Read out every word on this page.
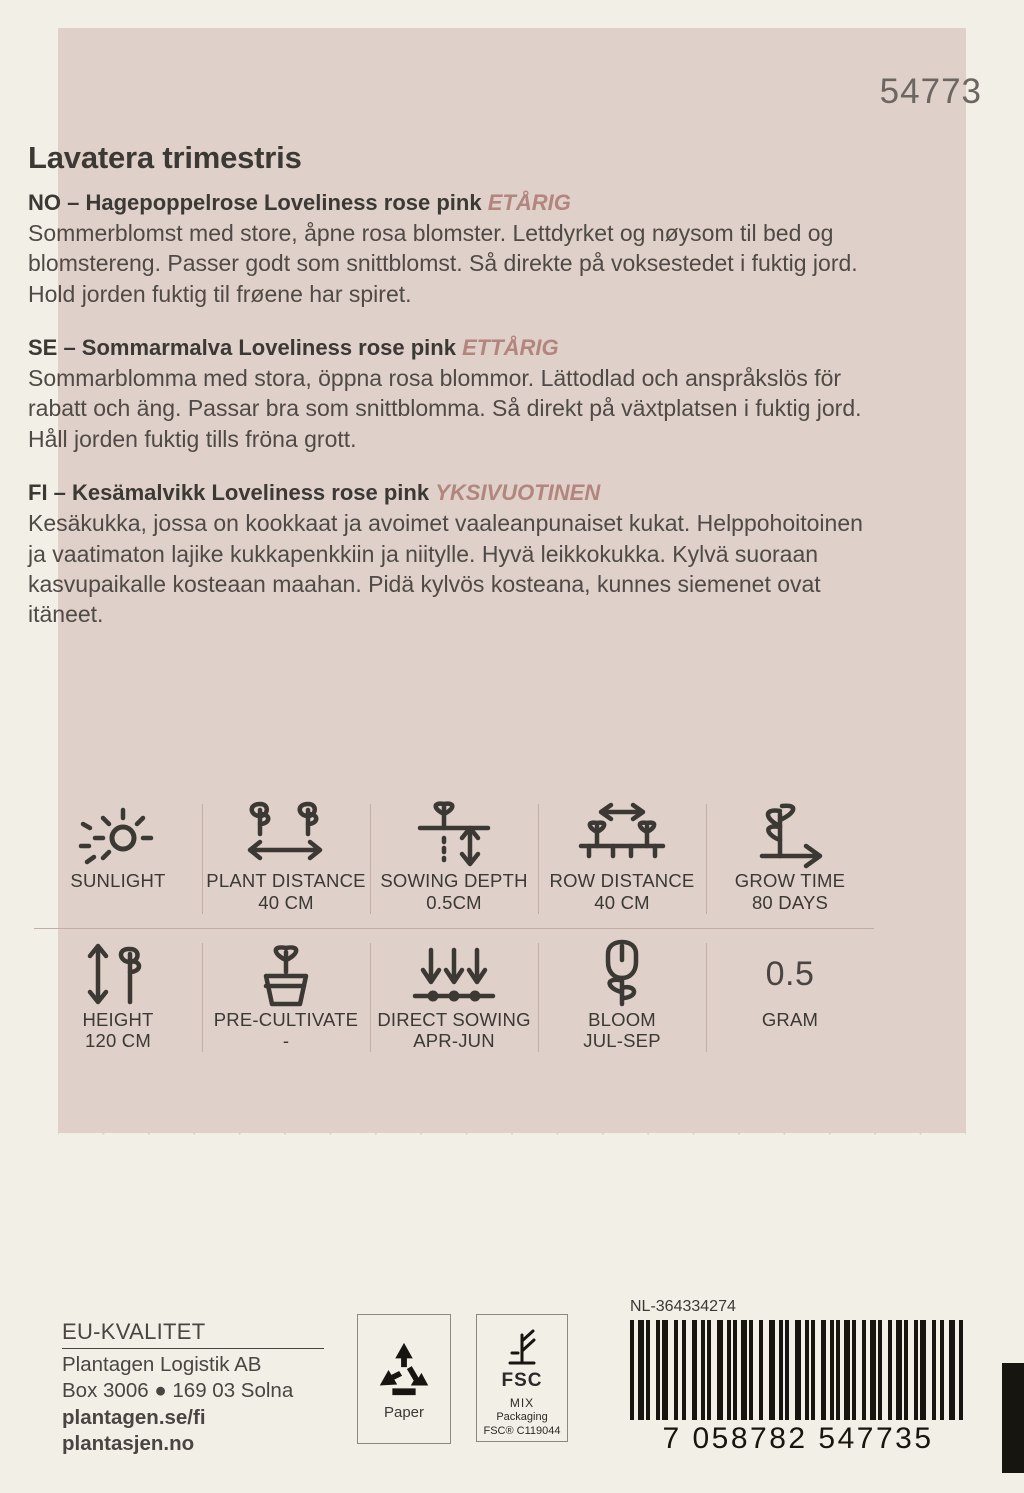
54773
Lavatera trimestris

NO – Hagepoppelrose Loveliness rose pink ETÅRIG

Sommerblomst med store, åpne rosa blomster. Lettdyrket og nøysom til bed og blomstereng. Passer godt som snittblomst. Så direkte på voksestedet i fuktig jord. Hold jorden fuktig til frøene har spiret.

SE – Sommarmalva Loveliness rose pink ETTÅRIG

Sommarblomma med stora, öppna rosa blommor. Lättodlad och anspråkslös för rabatt och äng. Passar bra som snittblomma. Så direkt på växtplatsen i fuktig jord. Håll jorden fuktig tills fröna grott.

FI – Kesämalvikk Loveliness rose pink YKSIVUOTINEN

Kesäkukka, jossa on kookkaat ja avoimet vaaleanpunaiset kukat. Helppohoitoinen ja vaatimaton lajike kukkapenkkiin ja niitylle. Hyvä leikkokukka. Kylvä suoraan kasvupaikalle kosteaan maahan. Pidä kylvös kosteana, kunnes siemenet ovat itäneet.

SUNLIGHT	PLANT DISTANCE
40 CM
SOWING DEPTH
0.5CM
ROW DISTANCE
40 CM
GROW TIME
80 DAYS
HEIGHT
120 CM
PRE-CULTIVATE
-
DIRECT SOWING
APR-JUN
BLOOM
JUL-SEP
0.5
GRAM
EU-KVALITET
Plantagen Logistik AB
Box 3006 ● 169 03 Solna
plantagen.se/fi
plantasjen.no
Paper
FSC
MIX
Packaging
FSC® C119044
NL-364334274
7 058782 547735
